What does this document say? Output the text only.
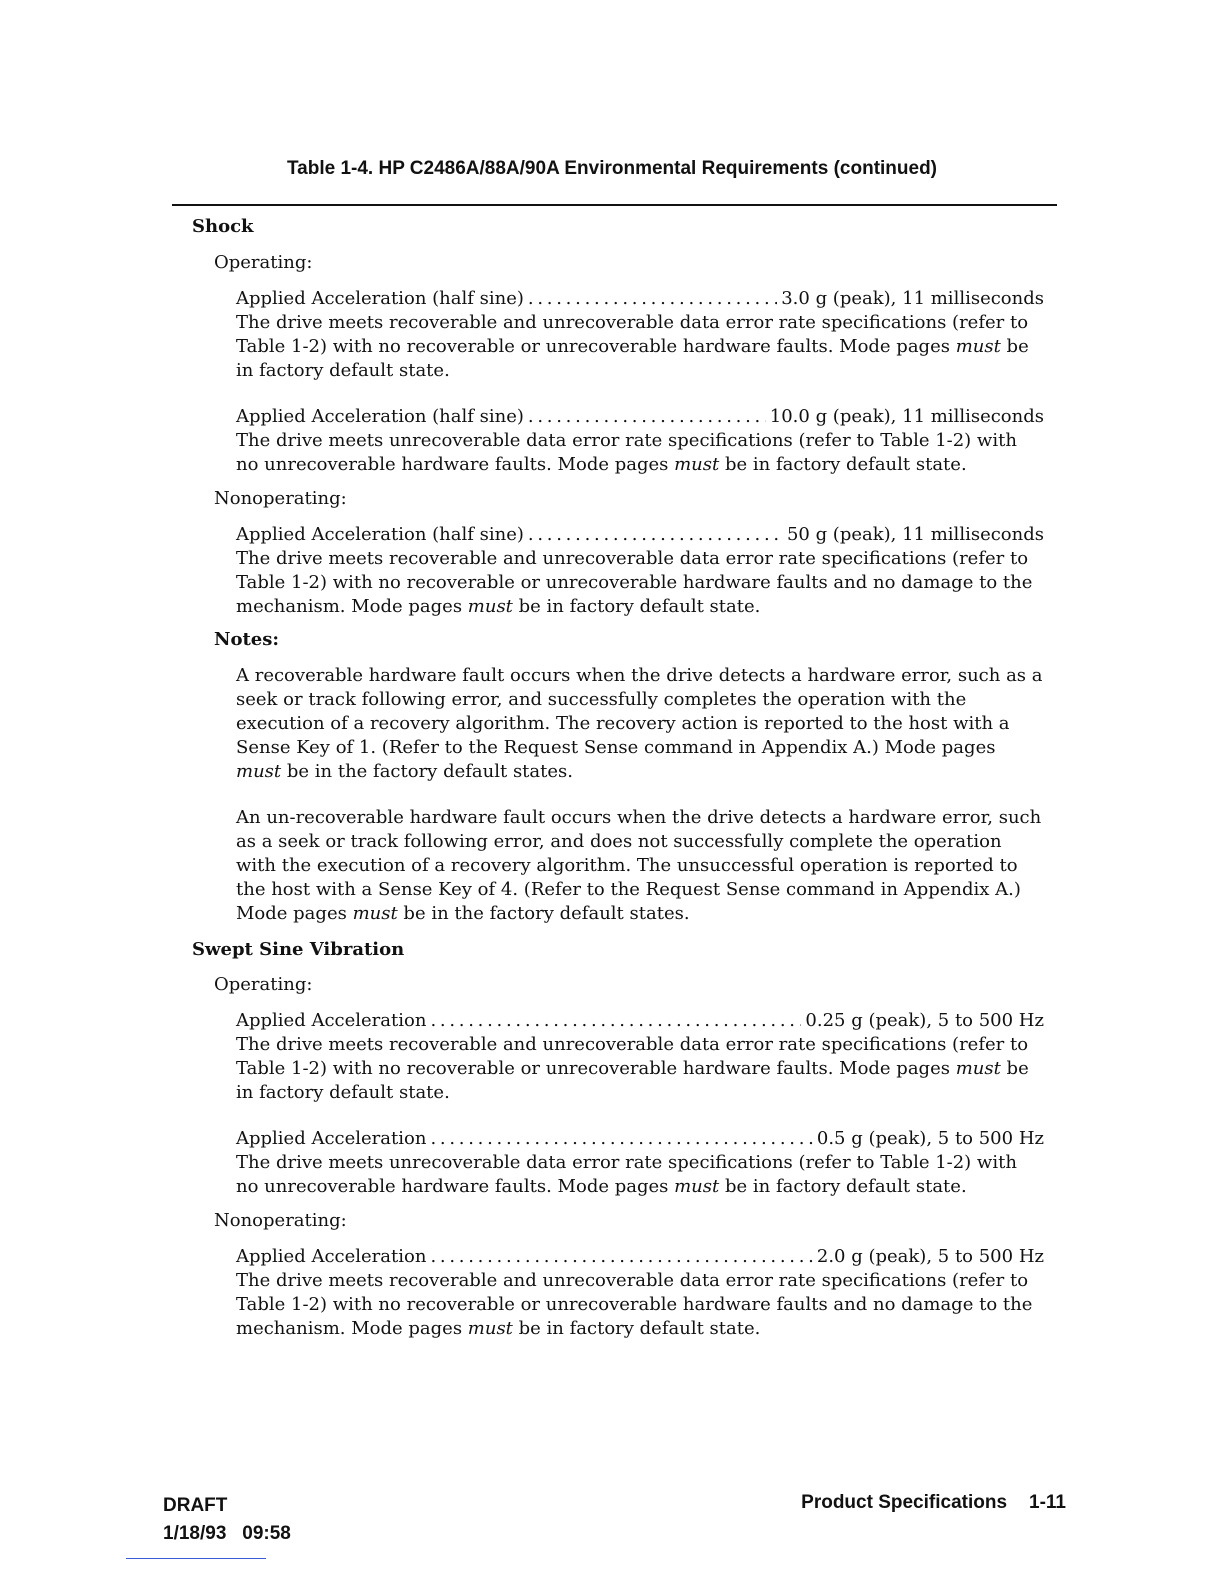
Table 1-4. HP C2486A/88A/90A Environmental Requirements (continued)
Shock
Operating:
Applied Acceleration (half sine) . . .	3.0 g (peak), 11 milliseconds
The drive meets recoverable and unrecoverable data error rate specifications (refer to Table 1-2) with no recoverable or unrecoverable hardware faults. Mode pages must be in factory default state.
Applied Acceleration (half sine) . . .	10.0 g (peak), 11 milliseconds
The drive meets unrecoverable data error rate specifications (refer to Table 1-2) with no unrecoverable hardware faults. Mode pages must be in factory default state.
Nonoperating:
Applied Acceleration (half sine) . . .	50 g (peak), 11 milliseconds
The drive meets recoverable and unrecoverable data error rate specifications (refer to Table 1-2) with no recoverable or unrecoverable hardware faults and no damage to the mechanism. Mode pages must be in factory default state.
Notes:
A recoverable hardware fault occurs when the drive detects a hardware error, such as a seek or track following error, and successfully completes the operation with the execution of a recovery algorithm. The recovery action is reported to the host with a Sense Key of 1. (Refer to the Request Sense command in Appendix A.) Mode pages must be in the factory default states.
An un-recoverable hardware fault occurs when the drive detects a hardware error, such as a seek or track following error, and does not successfully complete the operation with the execution of a recovery algorithm. The unsuccessful operation is reported to the host with a Sense Key of 4. (Refer to the Request Sense command in Appendix A.) Mode pages must be in the factory default states.
Swept Sine Vibration
Operating:
Applied Acceleration . . .	0.25 g (peak), 5 to 500 Hz
The drive meets recoverable and unrecoverable data error rate specifications (refer to Table 1-2) with no recoverable or unrecoverable hardware faults. Mode pages must be in factory default state.
Applied Acceleration . . .	0.5 g (peak), 5 to 500 Hz
The drive meets unrecoverable data error rate specifications (refer to Table 1-2) with no unrecoverable hardware faults. Mode pages must be in factory default state.
Nonoperating:
Applied Acceleration . . .	2.0 g (peak), 5 to 500 Hz
The drive meets recoverable and unrecoverable data error rate specifications (refer to Table 1-2) with no recoverable or unrecoverable hardware faults and no damage to the mechanism. Mode pages must be in factory default state.
DRAFT
1/18/93 09:58
Product Specifications 1-11
